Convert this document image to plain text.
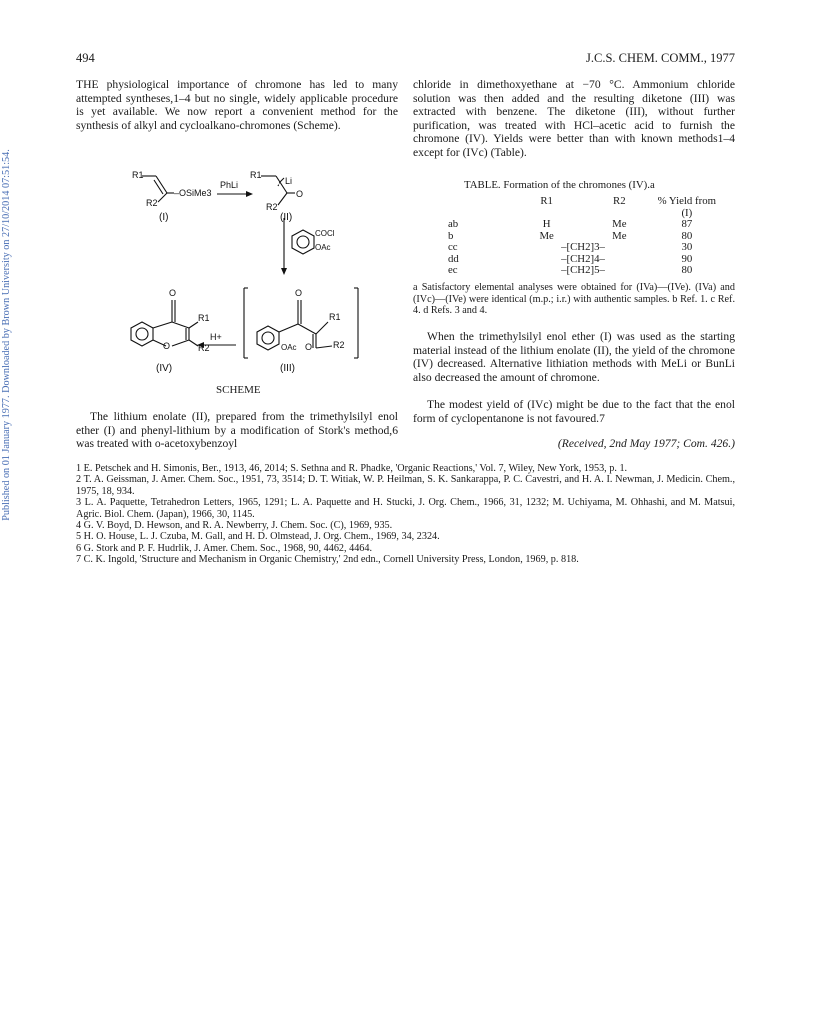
Published on 01 January 1977. Downloaded by Brown University on 27/10/2014 07:51:54.
494	J.C.S. CHEM. COMM., 1977

THE physiological importance of chromone has led to many attempted syntheses,1–4 but no single, widely applicable procedure is yet available. We now report a convenient method for the synthesis of alkyl and cycloalkano-chromones (Scheme).

R1
R2
–OSiMe3
(I)
PhLi
R1
Li
O
R2
(II)
COCl
OAc
O
R1
OAc O R2
(III)
H+
O
R1
O	R2
(IV)
SCHEME

The lithium enolate (II), prepared from the trimethylsilyl enol ether (I) and phenyl-lithium by a modification of Stork's method,6 was treated with o-acetoxybenzoyl

chloride in dimethoxyethane at −70 °C. Ammonium chloride solution was then added and the resulting diketone (III) was extracted with benzene. The diketone (III), without further purification, was treated with HCl–acetic acid to furnish the chromone (IV). Yields were better than with known methods1–4 except for (IVc) (Table).

TABLE. Formation of the chromones (IV).a
	R1	R2	% Yield from (I)
ab	H	Me	87
b	Me	Me	80
cc	–[CH2]3–		30
dd	–[CH2]4–		90
ec	–[CH2]5–		80
a Satisfactory elemental analyses were obtained for (IVa)—(IVe). (IVa) and (IVc)—(IVe) were identical (m.p.; i.r.) with authentic samples. b Ref. 1. c Ref. 4. d Refs. 3 and 4.

When the trimethylsilyl enol ether (I) was used as the starting material instead of the lithium enolate (II), the yield of the chromone (IV) decreased. Alternative lithiation methods with MeLi or BunLi also decreased the amount of chromone.

The modest yield of (IVc) might be due to the fact that the enol form of cyclopentanone is not favoured.7

(Received, 2nd May 1977; Com. 426.)

1 E. Petschek and H. Simonis, Ber., 1913, 46, 2014; S. Sethna and R. Phadke, 'Organic Reactions,' Vol. 7, Wiley, New York, 1953, p. 1.

2 T. A. Geissman, J. Amer. Chem. Soc., 1951, 73, 3514; D. T. Witiak, W. P. Heilman, S. K. Sankarappa, P. C. Cavestri, and H. A. I. Newman, J. Medicin. Chem., 1975, 18, 934.

3 L. A. Paquette, Tetrahedron Letters, 1965, 1291; L. A. Paquette and H. Stucki, J. Org. Chem., 1966, 31, 1232; M. Uchiyama, M. Ohhashi, and M. Matsui, Agric. Biol. Chem. (Japan), 1966, 30, 1145.

4 G. V. Boyd, D. Hewson, and R. A. Newberry, J. Chem. Soc. (C), 1969, 935.

5 H. O. House, L. J. Czuba, M. Gall, and H. D. Olmstead, J. Org. Chem., 1969, 34, 2324.

6 G. Stork and P. F. Hudrlik, J. Amer. Chem. Soc., 1968, 90, 4462, 4464.

7 C. K. Ingold, 'Structure and Mechanism in Organic Chemistry,' 2nd edn., Cornell University Press, London, 1969, p. 818.
